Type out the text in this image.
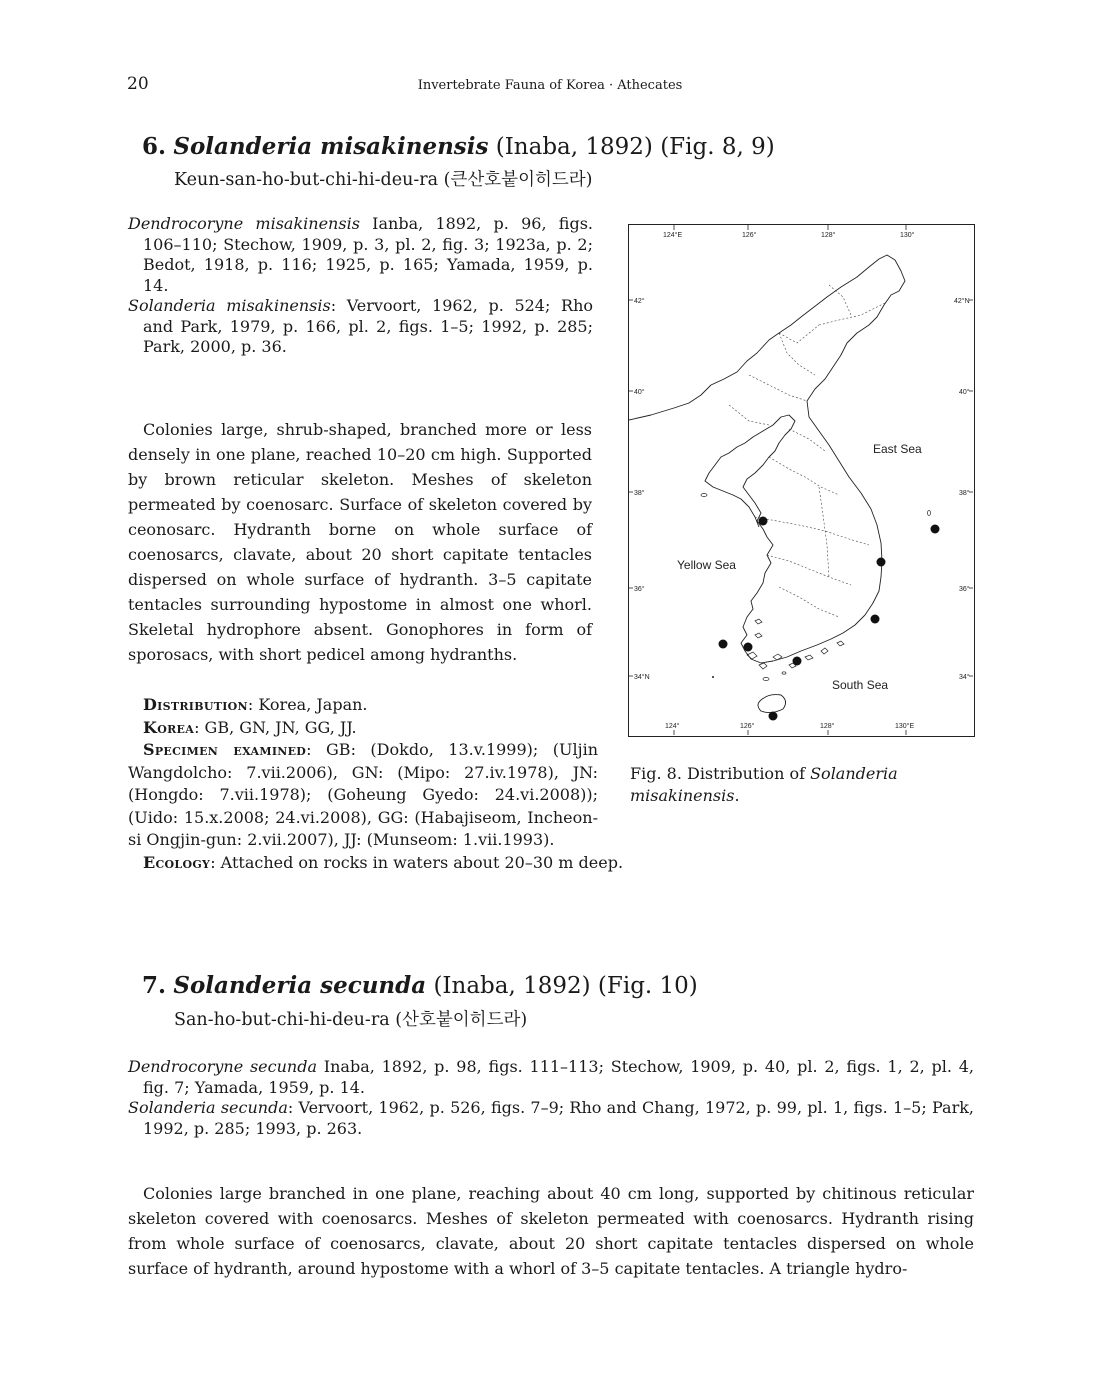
20	Invertebrate Fauna of Korea · Athecates
6. Solanderia misakinensis (Inaba, 1892) (Fig. 8, 9)
Keun-san-ho-but-chi-hi-deu-ra (큰산호붙이히드라)

Dendrocoryne misakinensis Ianba, 1892, p. 96, figs. 106–110; Stechow, 1909, p. 3, pl. 2, fig. 3; 1923a, p. 2; Bedot, 1918, p. 116; 1925, p. 165; Yamada, 1959, p. 14.

Solanderia misakinensis: Vervoort, 1962, p. 524; Rho and Park, 1979, p. 166, pl. 2, figs. 1–5; 1992, p. 285; Park, 2000, p. 36.

Colonies large, shrub-shaped, branched more or less densely in one plane, reached 10–20 cm high. Supported by brown reticular skeleton. Meshes of skeleton permeated by coenosarc. Surface of skeleton covered by ceonosarc. Hydranth borne on whole surface of coenosarcs, clavate, about 20 short capitate tentacles dispersed on whole surface of hydranth. 3–5 capitate tentacles surrounding hypostome in almost one whorl. Skeletal hydrophore absent. Gonophores in form of sporosacs, with short pedicel among hydranths.

Distribution: Korea, Japan.

Korea: GB, GN, JN, GG, JJ.

Specimen examined: GB: (Dokdo, 13.v.1999); (Uljin Wangdolcho: 7.vii.2006), GN: (Mipo: 27.iv.1978), JN: (Hongdo: 7.vii.1978); (Goheung Gyedo: 24.vi.2008)); (Uido: 15.x.2008; 24.vi.2008), GG: (Habajiseom, Incheon-si Ongjin-gun: 2.vii.2007), JJ: (Munseom: 1.vii.1993).

Ecology: Attached on rocks in waters about 20–30 m deep.

124°E	126°	128°	130°
124°	126°	128°	130°E
42°
40°
38°
36°
34°N
42°N
40°
38°
36°
34°
East Sea
Yellow Sea
South Sea
Fig. 8. Distribution of Solanderia misakinensis.
7. Solanderia secunda (Inaba, 1892) (Fig. 10)
San-ho-but-chi-hi-deu-ra (산호붙이히드라)

Dendrocoryne secunda Inaba, 1892, p. 98, figs. 111–113; Stechow, 1909, p. 40, pl. 2, figs. 1, 2, pl. 4, fig. 7; Yamada, 1959, p. 14.

Solanderia secunda: Vervoort, 1962, p. 526, figs. 7–9; Rho and Chang, 1972, p. 99, pl. 1, figs. 1–5; Park, 1992, p. 285; 1993, p. 263.

Colonies large branched in one plane, reaching about 40 cm long, supported by chitinous reticular skeleton covered with coenosarcs. Meshes of skeleton permeated with coenosarcs. Hydranth rising from whole surface of coenosarcs, clavate, about 20 short capitate tentacles dispersed on whole surface of hydranth, around hypostome with a whorl of 3–5 capitate tentacles. A triangle hydro-
